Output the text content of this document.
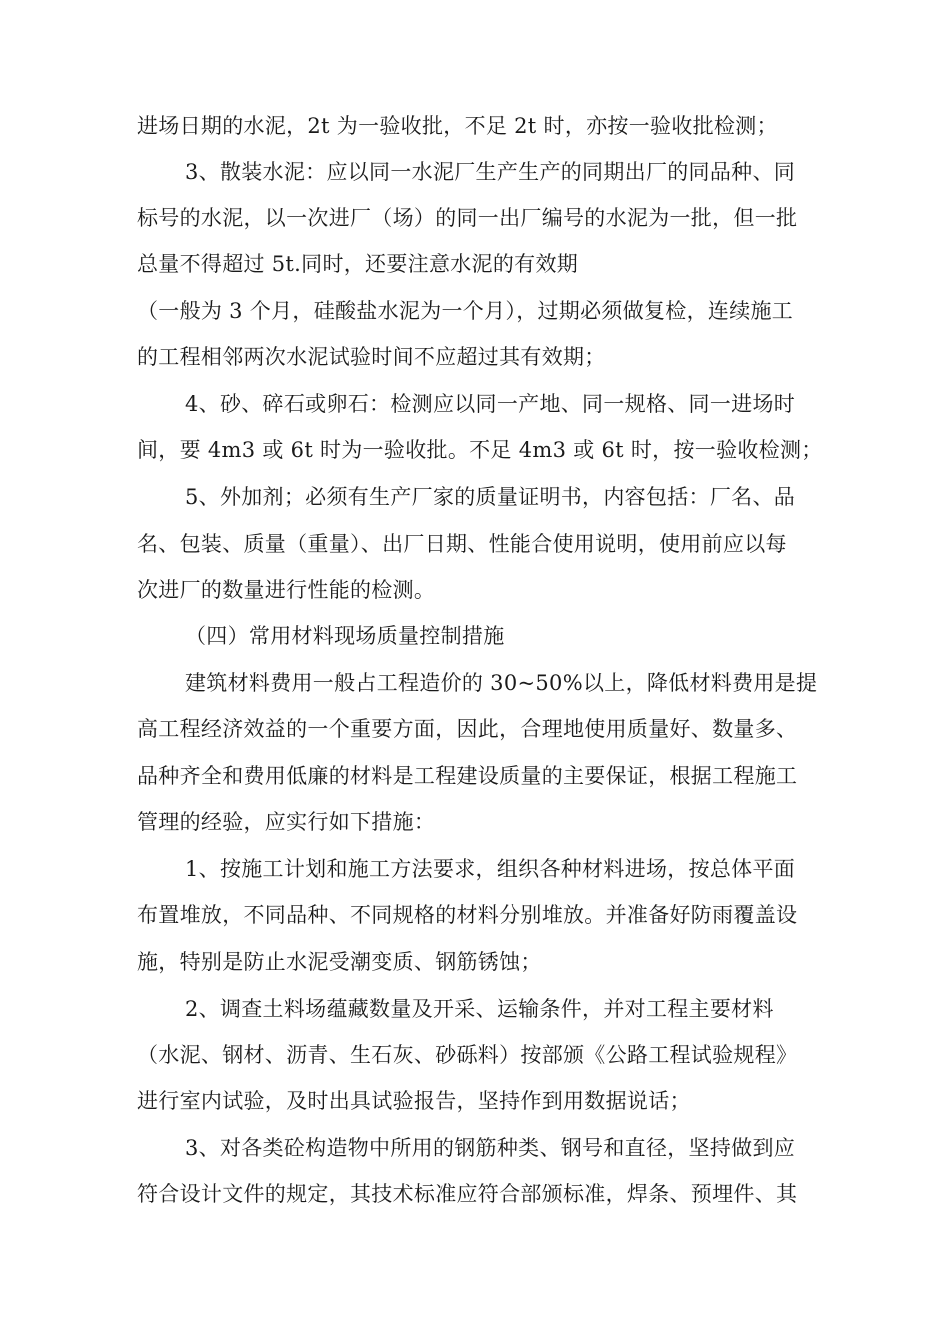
进场日期的水泥，2t 为一验收批，不足 2t 时，亦按一验收批检测；
3、散装水泥：应以同一水泥厂生产生产的同期出厂的同品种、同
标号的水泥，以一次进厂（场）的同一出厂编号的水泥为一批，但一批
总量不得超过 5t.同时，还要注意水泥的有效期
（一般为 3 个月，硅酸盐水泥为一个月），过期必须做复检，连续施工
的工程相邻两次水泥试验时间不应超过其有效期；
4、砂、碎石或卵石：检测应以同一产地、同一规格、同一进场时
间，要 4m3 或 6t 时为一验收批。不足 4m3 或 6t 时，按一验收检测；
5、外加剂；必须有生产厂家的质量证明书，内容包括：厂名、品
名、包装、质量（重量）、出厂日期、性能合使用说明，使用前应以每
次进厂的数量进行性能的检测。
（四）常用材料现场质量控制措施
建筑材料费用一般占工程造价的 30~50%以上，降低材料费用是提
高工程经济效益的一个重要方面，因此，合理地使用质量好、数量多、
品种齐全和费用低廉的材料是工程建设质量的主要保证，根据工程施工
管理的经验，应实行如下措施：
1、按施工计划和施工方法要求，组织各种材料进场，按总体平面
布置堆放，不同品种、不同规格的材料分别堆放。并准备好防雨覆盖设
施，特别是防止水泥受潮变质、钢筋锈蚀；
2、调查土料场蕴藏数量及开采、运输条件，并对工程主要材料
（水泥、钢材、沥青、生石灰、砂砾料）按部颁《公路工程试验规程》
进行室内试验，及时出具试验报告，坚持作到用数据说话；
3、对各类砼构造物中所用的钢筋种类、钢号和直径，坚持做到应
符合设计文件的规定，其技术标准应符合部颁标准，焊条、预埋件、其
